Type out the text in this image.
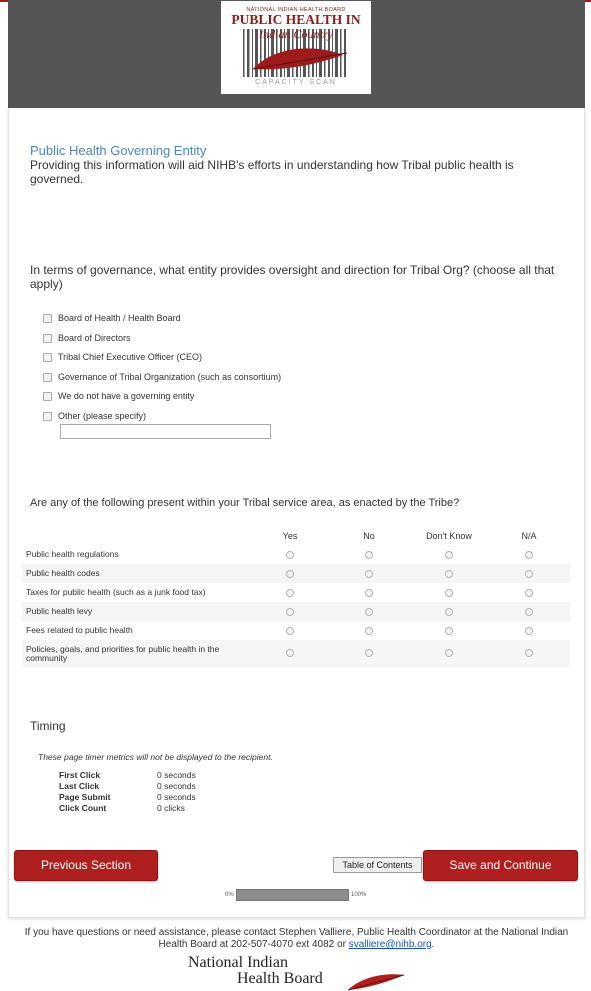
NATIONAL INDIAN HEALTH BOARD
PUBLIC HEALTH IN
Indian Country
CAPACITY SCAN
Public Health Governing Entity
Providing this information will aid NIHB's efforts in understanding how Tribal public health is governed.
In terms of governance, what entity provides oversight and direction for Tribal Org? (choose all that apply)
Board of Health / Health Board
Board of Directors
Tribal Chief Executive Officer (CEO)
Governance of Tribal Organization (such as consortium)
We do not have a governing entity
Other (please specify)
Are any of the following present within your Tribal service area, as enacted by the Tribe?
Yes	No	Don't Know	N/A
Public health regulations
Public health codes
Taxes for public health (such as a junk food tax)
Public health levy
Fees related to public health
Policies, goals, and priorities for public health in the community
Timing
These page timer metrics will not be displayed to the recipient.
First Click	0 seconds
Last Click	0 seconds
Page Submit	0 seconds
Click Count	0 clicks
Previous Section	Table of Contents	Save and Continue
0%	100%
If you have questions or need assistance, please contact Stephen Valliere, Public Health Coordinator at the National Indian Health Board at 202-507-4070 ext 4082 or svalliere@nihb.org.
National Indian
Health Board
